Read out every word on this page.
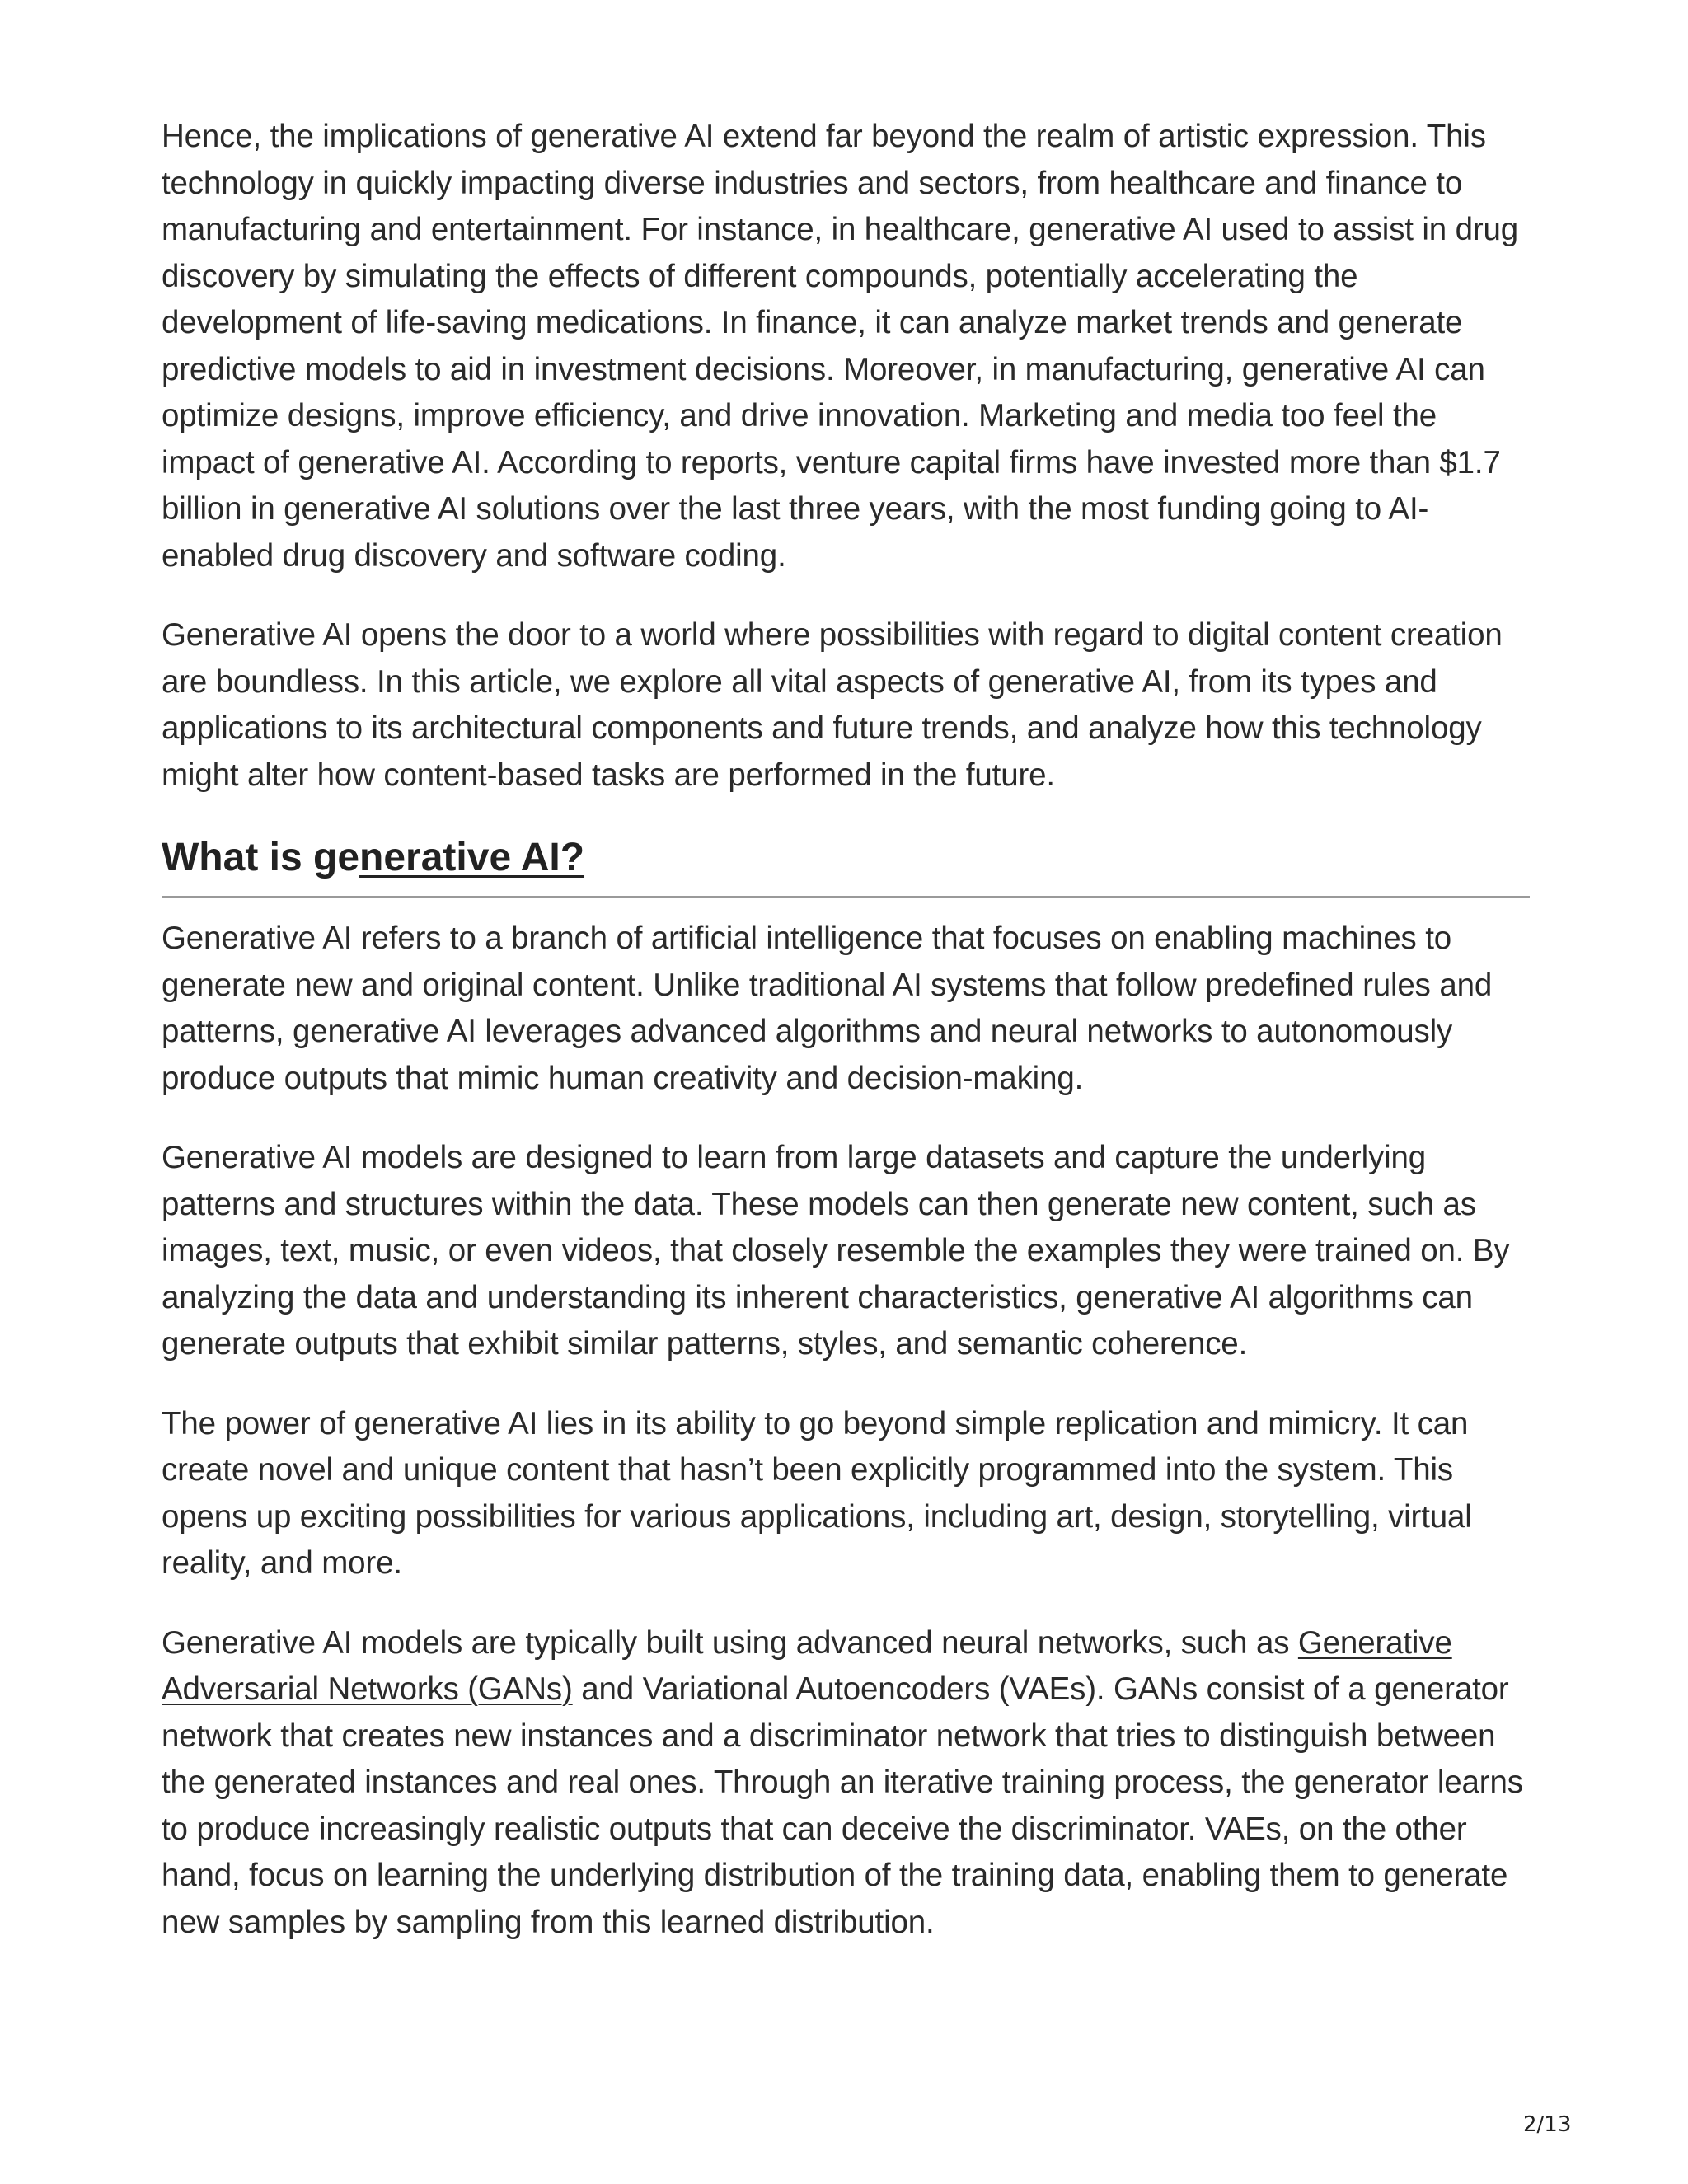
Hence, the implications of generative AI extend far beyond the realm of artistic expression. This technology in quickly impacting diverse industries and sectors, from healthcare and finance to manufacturing and entertainment. For instance, in healthcare, generative AI used to assist in drug discovery by simulating the effects of different compounds, potentially accelerating the development of life-saving medications. In finance, it can analyze market trends and generate predictive models to aid in investment decisions. Moreover, in manufacturing, generative AI can optimize designs, improve efficiency, and drive innovation. Marketing and media too feel the impact of generative AI. According to reports, venture capital firms have invested more than $1.7 billion in generative AI solutions over the last three years, with the most funding going to AI-enabled drug discovery and software coding.

Generative AI opens the door to a world where possibilities with regard to digital content creation are boundless. In this article, we explore all vital aspects of generative AI, from its types and applications to its architectural components and future trends, and analyze how this technology might alter how content-based tasks are performed in the future.

What is generative AI?

Generative AI refers to a branch of artificial intelligence that focuses on enabling machines to generate new and original content. Unlike traditional AI systems that follow predefined rules and patterns, generative AI leverages advanced algorithms and neural networks to autonomously produce outputs that mimic human creativity and decision-making.

Generative AI models are designed to learn from large datasets and capture the underlying patterns and structures within the data. These models can then generate new content, such as images, text, music, or even videos, that closely resemble the examples they were trained on. By analyzing the data and understanding its inherent characteristics, generative AI algorithms can generate outputs that exhibit similar patterns, styles, and semantic coherence.

The power of generative AI lies in its ability to go beyond simple replication and mimicry. It can create novel and unique content that hasn’t been explicitly programmed into the system. This opens up exciting possibilities for various applications, including art, design, storytelling, virtual reality, and more.

Generative AI models are typically built using advanced neural networks, such as Generative Adversarial Networks (GANs) and Variational Autoencoders (VAEs). GANs consist of a generator network that creates new instances and a discriminator network that tries to distinguish between the generated instances and real ones. Through an iterative training process, the generator learns to produce increasingly realistic outputs that can deceive the discriminator. VAEs, on the other hand, focus on learning the underlying distribution of the training data, enabling them to generate new samples by sampling from this learned distribution.

2/13
